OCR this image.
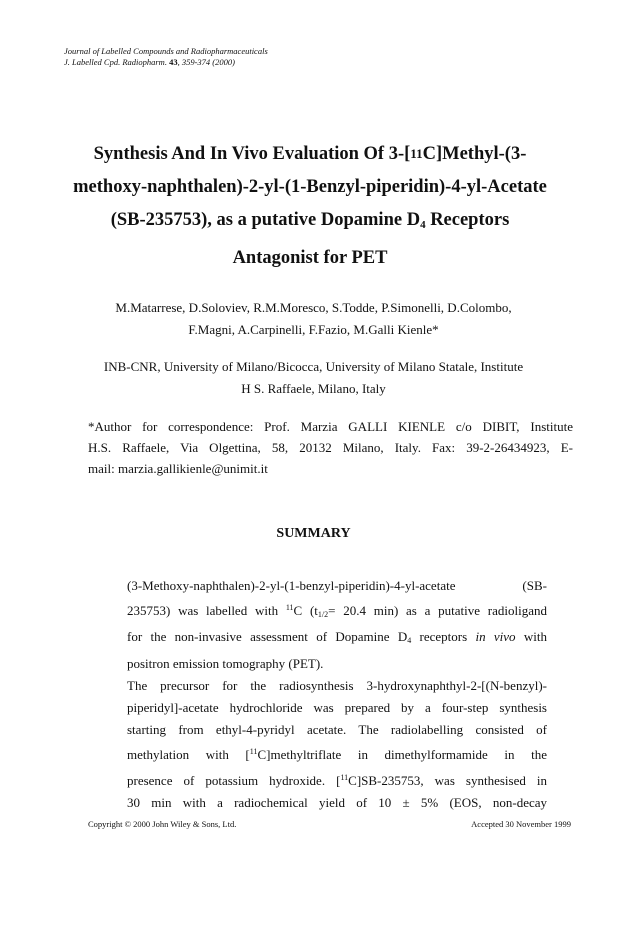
Journal of Labelled Compounds and Radiopharmaceuticals
J. Labelled Cpd. Radiopharm. 43, 359-374 (2000)
Synthesis And In Vivo Evaluation Of 3-[$^{11}$C]Methyl-(3-
methoxy-naphthalen)-2-yl-(1-Benzyl-piperidin)-4-yl-Acetate
(SB-235753), as a putative Dopamine $D_4$ Receptors
Antagonist for PET
M.Matarrese, D.Soloviev, R.M.Moresco, S.Todde, P.Simonelli, D.Colombo,
F.Magni, A.Carpinelli, F.Fazio, M.Galli Kienle*
INB-CNR, University of Milano/Bicocca, University of Milano Statale, Institute
H S. Raffaele, Milano, Italy
*Author for correspondence: Prof. Marzia GALLI KIENLE c/o DIBIT, Institute
H.S. Raffaele, Via Olgettina, 58, 20132 Milano, Italy. Fax: 39-2-26434923, E-
mail: marzia.gallikienle@unimit.it
SUMMARY
(3-Methoxy-naphthalen)-2-yl-(1-benzyl-piperidin)-4-yl-acetate (SB-
235753) was labelled with $^{11}$C ($t_{1/2}= 20.4$ min) as a putative radioligand
for the non-invasive assessment of Dopamine $D_4$ receptors in vivo with
positron emission tomography (PET).
The precursor for the radiosynthesis 3-hydroxynaphthyl-2-[(N-benzyl)-
piperidyl]-acetate hydrochloride was prepared by a four-step synthesis
starting from ethyl-4-pyridyl acetate. The radiolabelling consisted of
methylation with [$^{11}$C]methyltriflate in dimethylformamide in the
presence of potassium hydroxide. [$^{11}$C]SB-235753, was synthesised in
30 min with a radiochemical yield of 10 ± 5% (EOS, non-decay
Copyright © 2000 John Wiley & Sons, Ltd.	Accepted 30 November 1999
